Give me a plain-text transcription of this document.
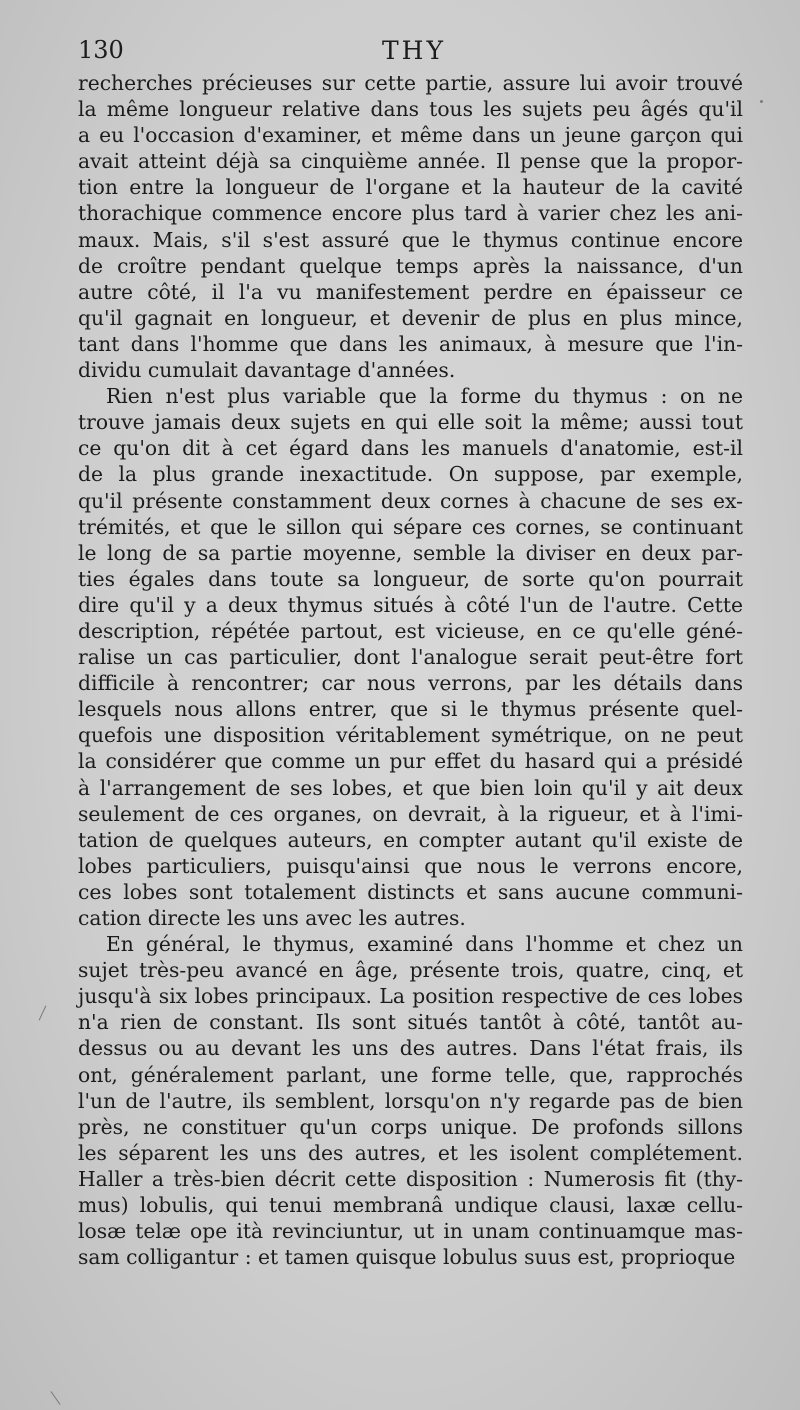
130	THY
recherches précieuses sur cette partie, assure lui avoir trouvé
la même longueur relative dans tous les sujets peu âgés qu'il
a eu l'occasion d'examiner, et même dans un jeune garçon qui
avait atteint déjà sa cinquième année. Il pense que la propor-
tion entre la longueur de l'organe et la hauteur de la cavité
thorachique commence encore plus tard à varier chez les ani-
maux. Mais, s'il s'est assuré que le thymus continue encore
de croître pendant quelque temps après la naissance, d'un
autre côté, il l'a vu manifestement perdre en épaisseur ce
qu'il gagnait en longueur, et devenir de plus en plus mince,
tant dans l'homme que dans les animaux, à mesure que l'in-
dividu cumulait davantage d'années.
Rien n'est plus variable que la forme du thymus : on ne
trouve jamais deux sujets en qui elle soit la même; aussi tout
ce qu'on dit à cet égard dans les manuels d'anatomie, est-il
de la plus grande inexactitude. On suppose, par exemple,
qu'il présente constamment deux cornes à chacune de ses ex-
trémités, et que le sillon qui sépare ces cornes, se continuant
le long de sa partie moyenne, semble la diviser en deux par-
ties égales dans toute sa longueur, de sorte qu'on pourrait
dire qu'il y a deux thymus situés à côté l'un de l'autre. Cette
description, répétée partout, est vicieuse, en ce qu'elle géné-
ralise un cas particulier, dont l'analogue serait peut-être fort
difficile à rencontrer; car nous verrons, par les détails dans
lesquels nous allons entrer, que si le thymus présente quel-
quefois une disposition véritablement symétrique, on ne peut
la considérer que comme un pur effet du hasard qui a présidé
à l'arrangement de ses lobes, et que bien loin qu'il y ait deux
seulement de ces organes, on devrait, à la rigueur, et à l'imi-
tation de quelques auteurs, en compter autant qu'il existe de
lobes particuliers, puisqu'ainsi que nous le verrons encore,
ces lobes sont totalement distincts et sans aucune communi-
cation directe les uns avec les autres.
En général, le thymus, examiné dans l'homme et chez un
sujet très-peu avancé en âge, présente trois, quatre, cinq, et
jusqu'à six lobes principaux. La position respective de ces lobes
n'a rien de constant. Ils sont situés tantôt à côté, tantôt au-
dessus ou au devant les uns des autres. Dans l'état frais, ils
ont, généralement parlant, une forme telle, que, rapprochés
l'un de l'autre, ils semblent, lorsqu'on n'y regarde pas de bien
près, ne constituer qu'un corps unique. De profonds sillons
les séparent les uns des autres, et les isolent complétement.
Haller a très-bien décrit cette disposition : Numerosis fit (thy-
mus) lobulis, qui tenui membranâ undique clausi, laxæ cellu-
losæ telæ ope ità revinciuntur, ut in unam continuamque mas-
sam colligantur : et tamen quisque lobulus suus est, proprioque
